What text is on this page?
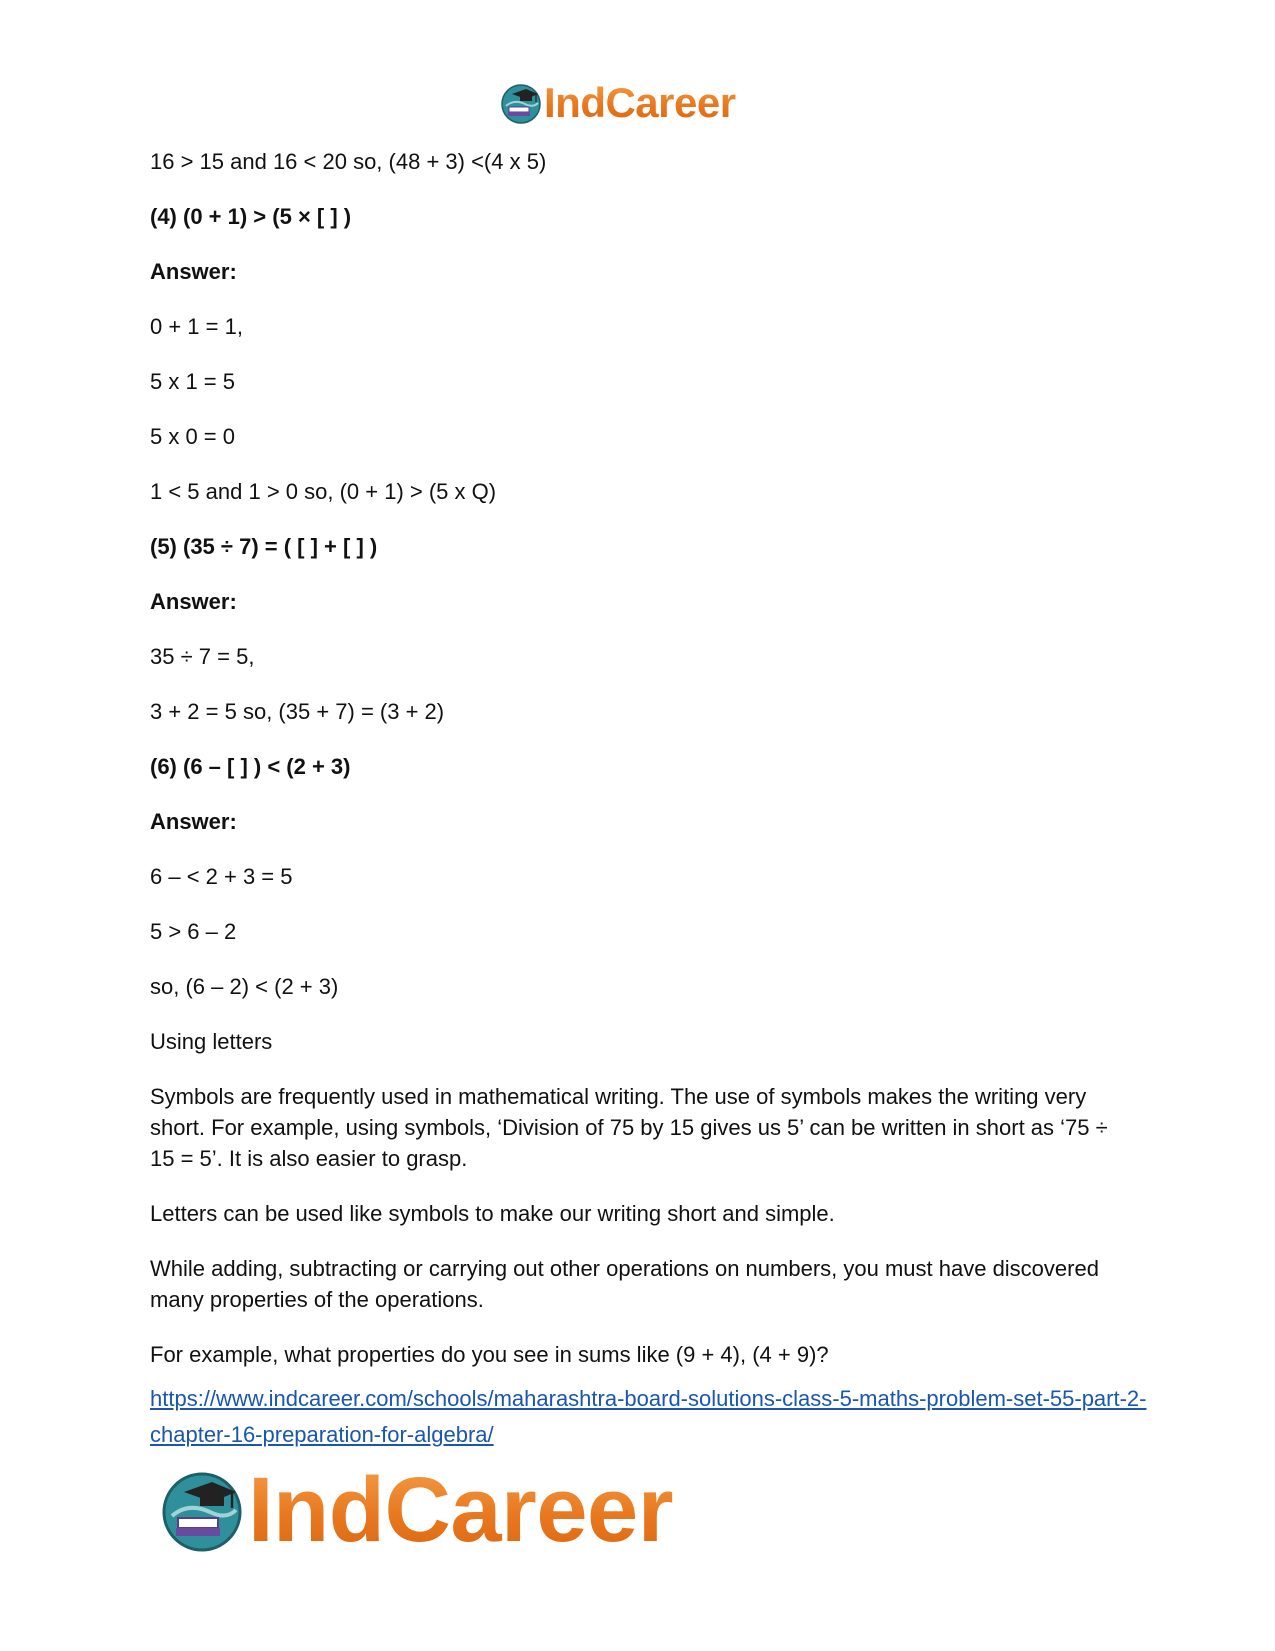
IndCareer

16 > 15 and 16 < 20 so, (48 + 3) <(4 x 5)

(4) (0 + 1) > (5 × [ ] )

Answer:

0 + 1 = 1,

5 x 1 = 5

5 x 0 = 0

1 < 5 and 1 > 0 so, (0 + 1) > (5 x Q)

(5) (35 ÷ 7) = ( [ ] + [ ] )

Answer:

35 ÷ 7 = 5,

3 + 2 = 5 so, (35 + 7) = (3 + 2)

(6) (6 – [ ] ) < (2 + 3)

Answer:

6 – < 2 + 3 = 5

5 > 6 – 2

so, (6 – 2) < (2 + 3)

Using letters

Symbols are frequently used in mathematical writing. The use of symbols makes the writing very short. For example, using symbols, ‘Division of 75 by 15 gives us 5’ can be written in short as ‘75 ÷ 15 = 5’. It is also easier to grasp.

Letters can be used like symbols to make our writing short and simple.

While adding, subtracting or carrying out other operations on numbers, you must have discovered many properties of the operations.

For example, what properties do you see in sums like (9 + 4), (4 + 9)?

https://www.indcareer.com/schools/maharashtra-board-solutions-class-5-maths-problem-set-55-part-2-chapter-16-preparation-for-algebra/
IndCareer
